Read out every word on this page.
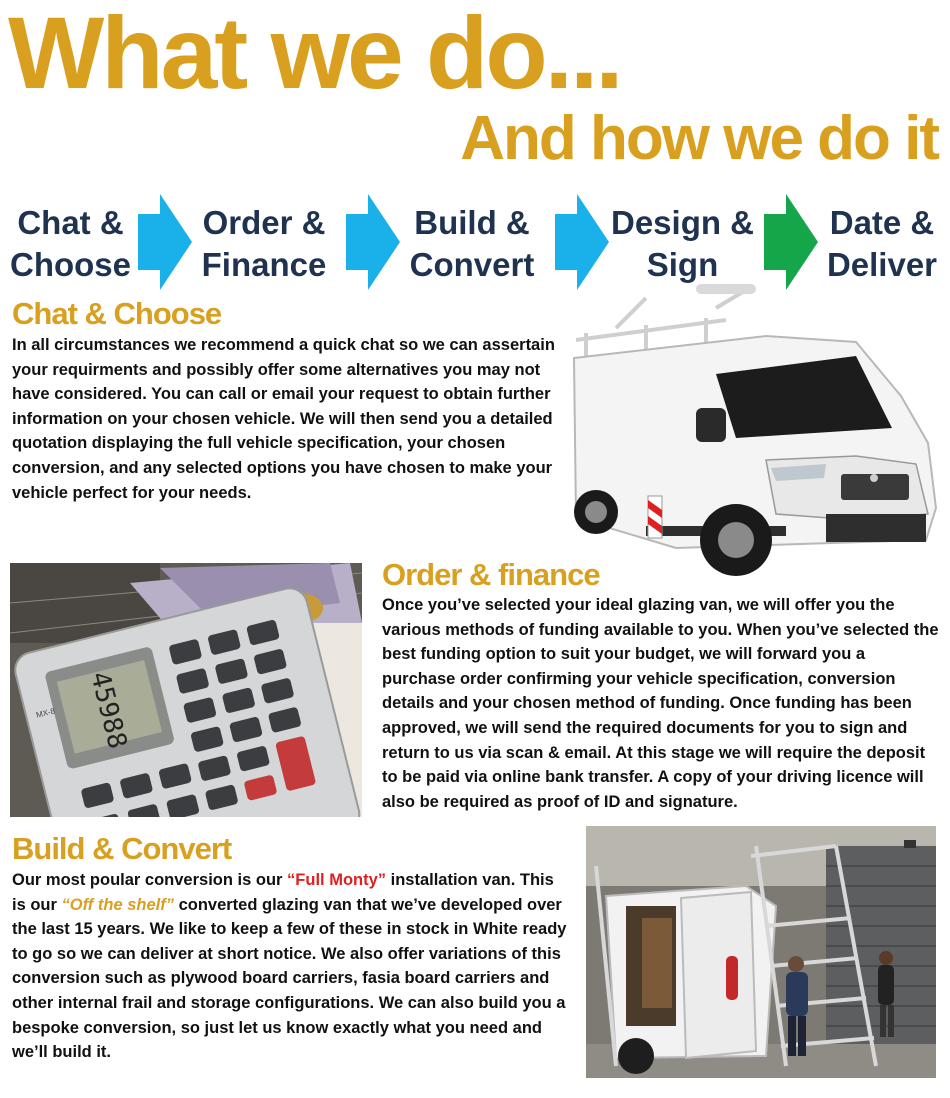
What we do...
And how we do it
Chat &
Choose
Order &
Finance
Build &
Convert
Design &
Sign
Date &
Deliver
Chat & Choose

In all circumstances we recommend a quick chat so we can assertain your requirments and possibly offer some alternatives you may not have considered. You can call or email your request to obtain further information on your chosen vehicle. We will then send you a detailed quotation displaying the full vehicle specification, your chosen conversion, and any selected options you have chosen to make your vehicle perfect for your needs.

45988
MX-8
Order & finance

Once you’ve selected your ideal glazing van, we will offer you the various methods of funding available to you. When you’ve selected the best funding option to suit your budget, we will forward you a purchase order confirming your vehicle specification, conversion details and your chosen method of funding. Once funding has been approved, we will send the required documents for you to sign and return to us via scan & email. At this stage we will require the deposit to be paid via online bank transfer. A copy of your driving licence will also be required as proof of ID and signature.

Build & Convert

Our most poular conversion is our “Full Monty” installation van. This is our “Off the shelf” converted glazing van that we’ve developed over the last 15 years. We like to keep a few of these in stock in White ready to go so we can deliver at short notice. We also offer variations of this conversion such as plywood board carriers, fasia board carriers and other internal frail and storage configurations. We can also build you a bespoke conversion, so just let us know exactly what you need and we’ll build it.
